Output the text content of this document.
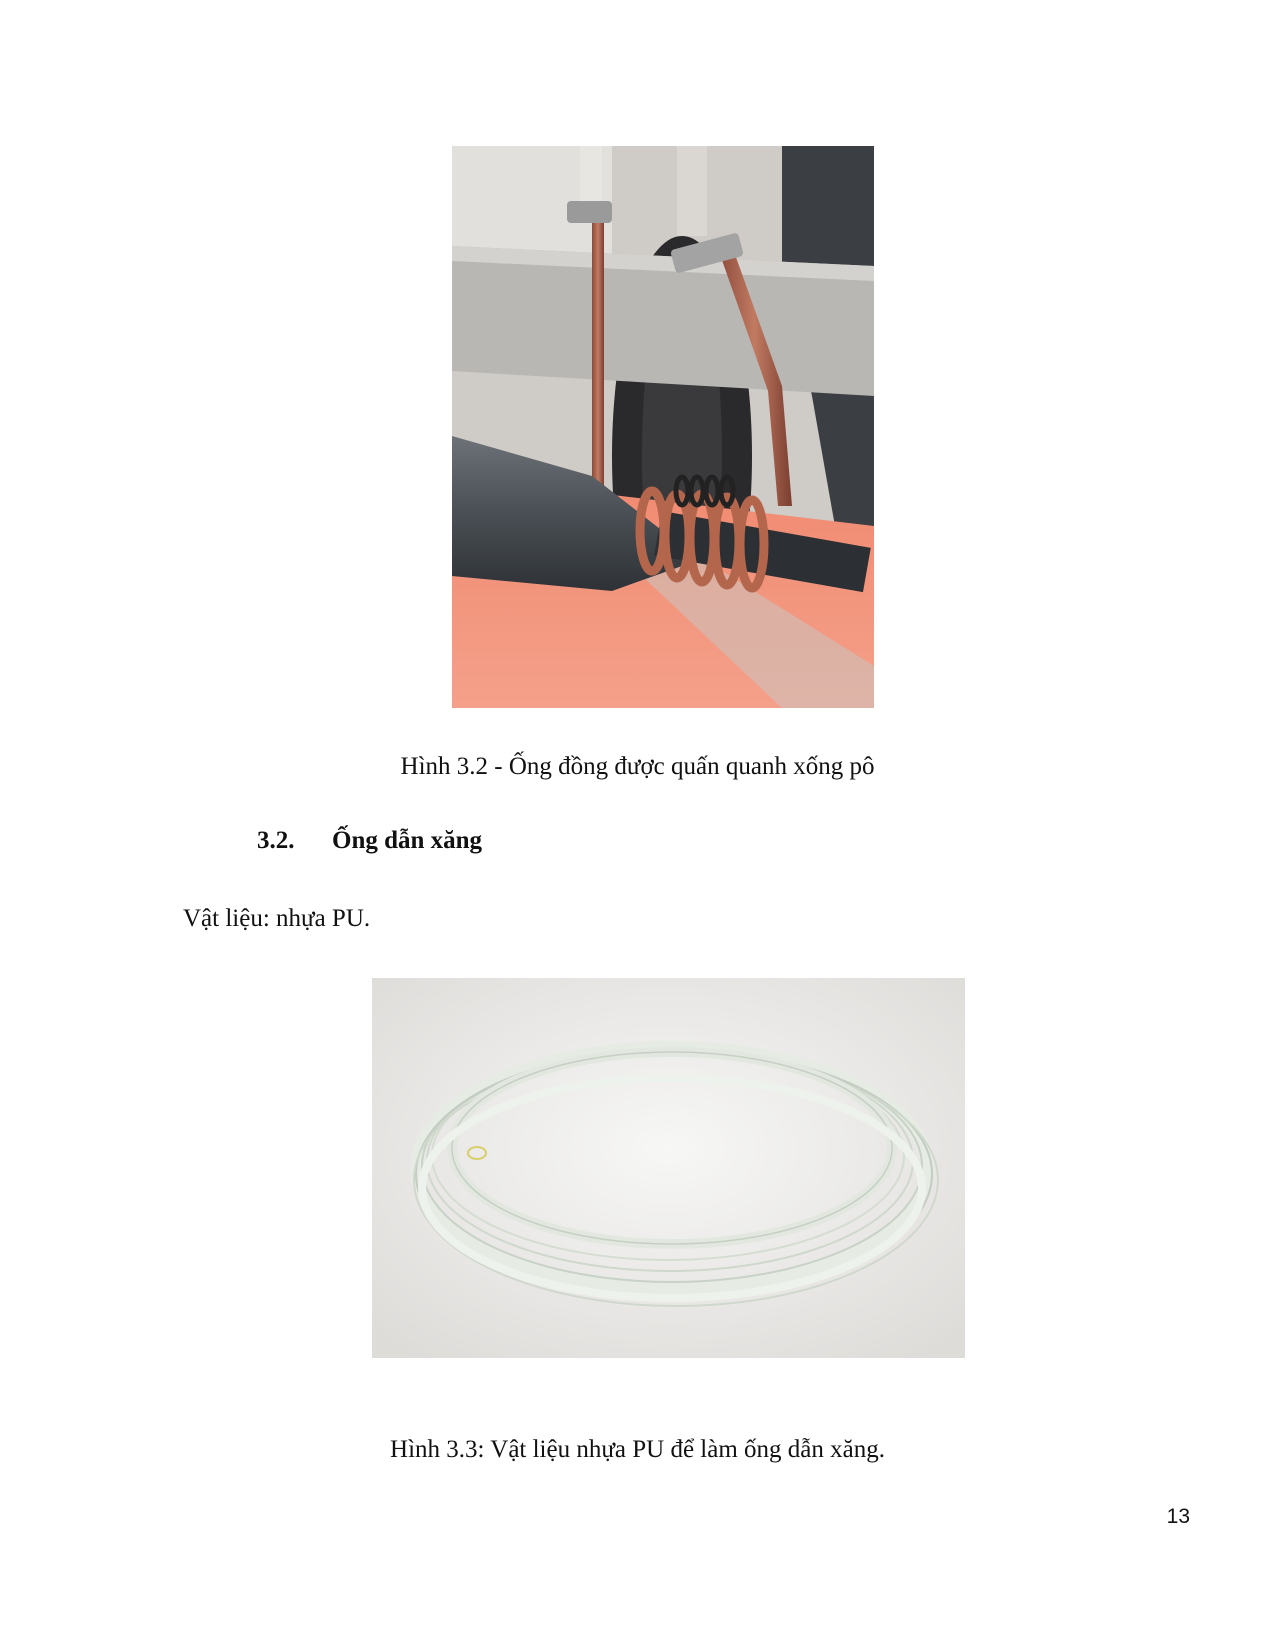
Hình 3.2 - Ống đồng được quấn quanh xống pô
3.2. Ống dẫn xăng
Vật liệu: nhựa PU.
Hình 3.3: Vật liệu nhựa PU để làm ống dẫn xăng.
13
